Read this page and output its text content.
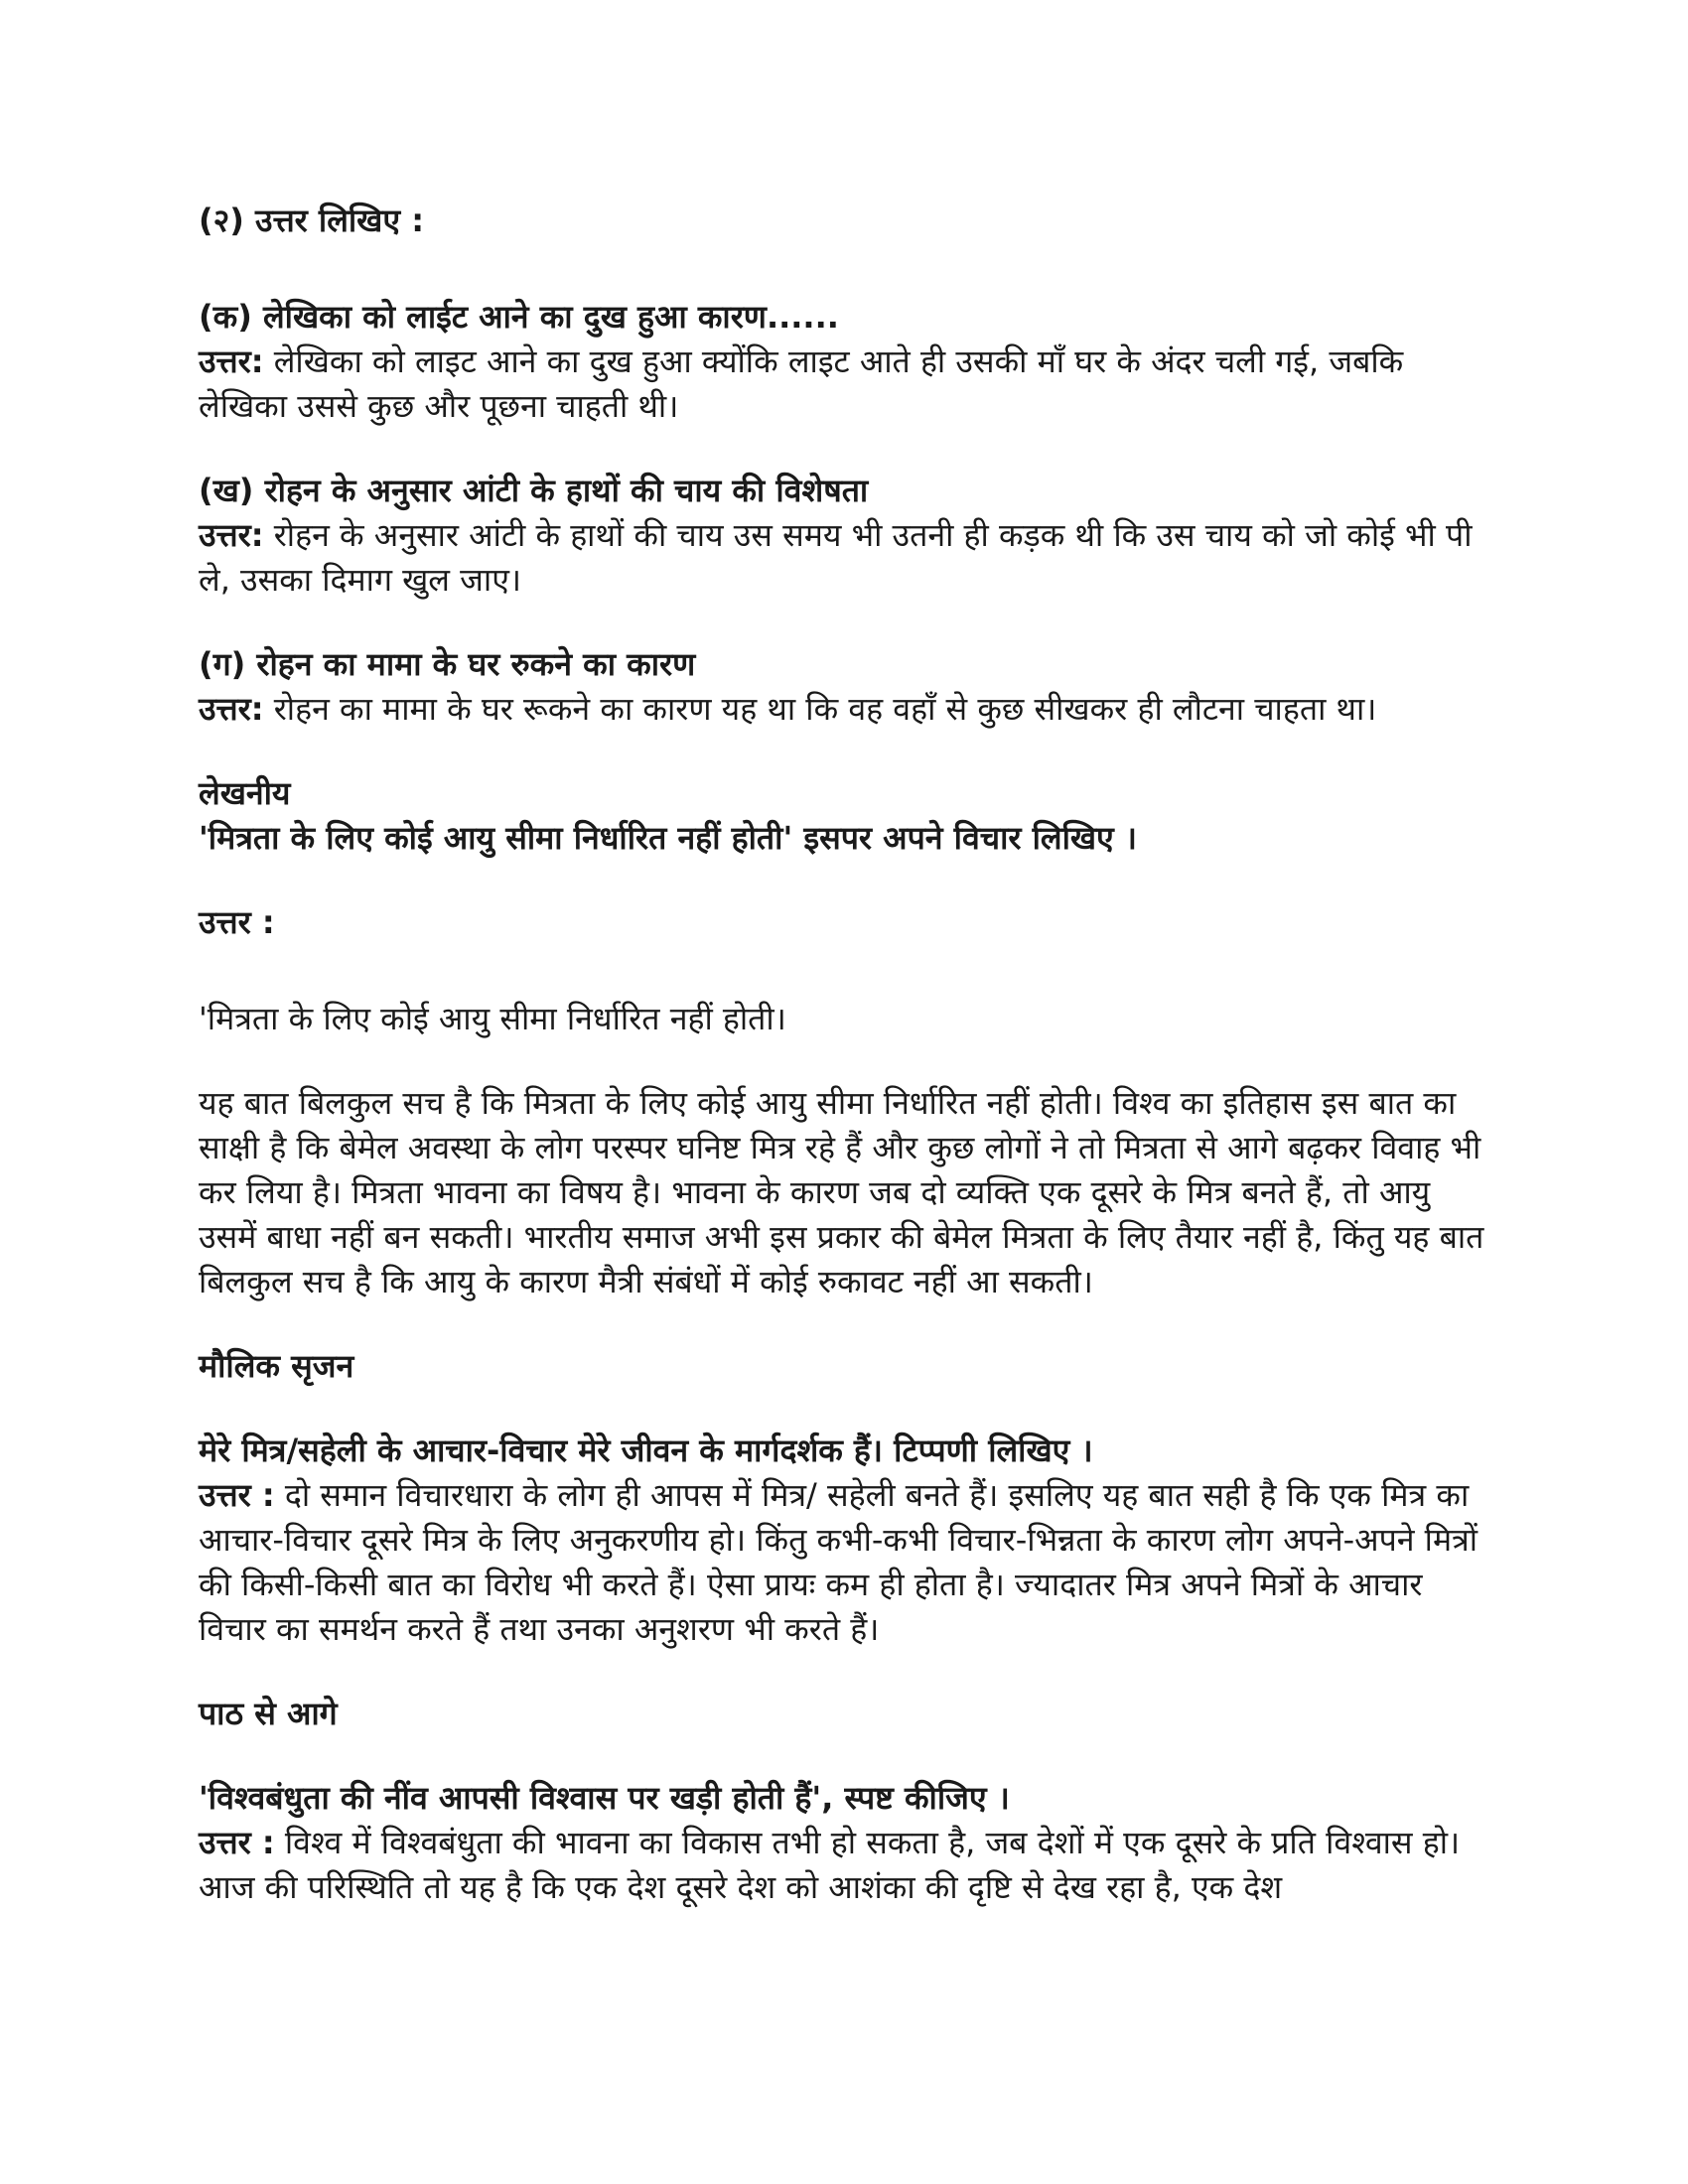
(२) उत्तर लिखिए :

(क) लेखिका को लाईट आने का दुख हुआ कारण......

उत्तर: लेखिका को लाइट आने का दुख हुआ क्योंकि लाइट आते ही उसकी माँ घर के अंदर चली गई, जबकि लेखिका उससे कुछ और पूछना चाहती थी।

(ख) रोहन के अनुसार आंटी के हाथों की चाय की विशेषता

उत्तर: रोहन के अनुसार आंटी के हाथों की चाय उस समय भी उतनी ही कड़क थी कि उस चाय को जो कोई भी पी ले, उसका दिमाग खुल जाए।

(ग) रोहन का मामा के घर रुकने का कारण

उत्तर: रोहन का मामा के घर रूकने का कारण यह था कि वह वहाँ से कुछ सीखकर ही लौटना चाहता था।

लेखनीय

'मित्रता के लिए कोई आयु सीमा निर्धारित नहीं होती' इसपर अपने विचार लिखिए ।

उत्तर :

'मित्रता के लिए कोई आयु सीमा निर्धारित नहीं होती।

यह बात बिलकुल सच है कि मित्रता के लिए कोई आयु सीमा निर्धारित नहीं होती। विश्व का इतिहास इस बात का साक्षी है कि बेमेल अवस्था के लोग परस्पर घनिष्ट मित्र रहे हैं और कुछ लोगों ने तो मित्रता से आगे बढ़कर विवाह भी कर लिया है। मित्रता भावना का विषय है। भावना के कारण जब दो व्यक्ति एक दूसरे के मित्र बनते हैं, तो आयु उसमें बाधा नहीं बन सकती। भारतीय समाज अभी इस प्रकार की बेमेल मित्रता के लिए तैयार नहीं है, किंतु यह बात बिलकुल सच है कि आयु के कारण मैत्री संबंधों में कोई रुकावट नहीं आ सकती।

मौलिक सृजन

मेरे मित्र/सहेली के आचार-विचार मेरे जीवन के मार्गदर्शक हैं। टिप्पणी लिखिए ।

उत्तर : दो समान विचारधारा के लोग ही आपस में मित्र/ सहेली बनते हैं। इसलिए यह बात सही है कि एक मित्र का आचार-विचार दूसरे मित्र के लिए अनुकरणीय हो। किंतु कभी-कभी विचार-भिन्नता के कारण लोग अपने-अपने मित्रों की किसी-किसी बात का विरोध भी करते हैं। ऐसा प्रायः कम ही होता है। ज्यादातर मित्र अपने मित्रों के आचार विचार का समर्थन करते हैं तथा उनका अनुशरण भी करते हैं।

पाठ से आगे

'विश्वबंधुता की नींव आपसी विश्वास पर खड़ी होती हैं', स्पष्ट कीजिए ।

उत्तर : विश्व में विश्वबंधुता की भावना का विकास तभी हो सकता है, जब देशों में एक दूसरे के प्रति विश्वास हो। आज की परिस्थिति तो यह है कि एक देश दूसरे देश को आशंका की दृष्टि से देख रहा है, एक देश
